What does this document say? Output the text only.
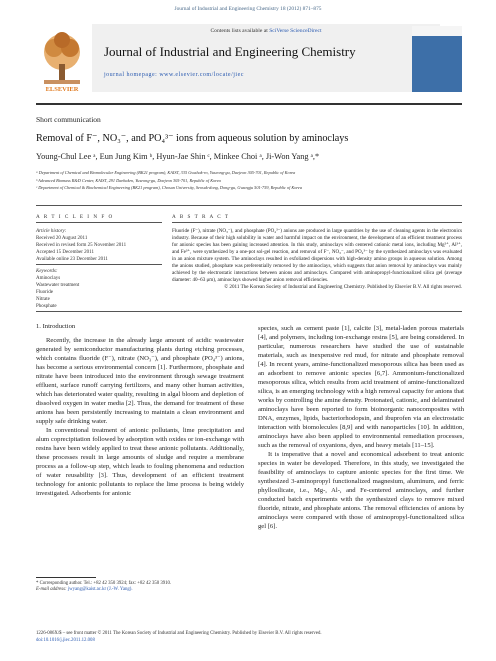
Journal of Industrial and Engineering Chemistry 18 (2012) 871–875
ELSEVIER
Contents lists available at SciVerse ScienceDirect
Journal of Industrial and Engineering Chemistry
journal homepage: www.elsevier.com/locate/jiec
Short communication
Removal of F⁻, NO₃⁻, and PO₄³⁻ ions from aqueous solution by aminoclays
Young-Chul Lee ᵃ, Eun Jung Kim ᵇ, Hyun-Jae Shin ᶜ, Minkee Choi ᵃ, Ji-Won Yang ᵃ,*
ᵃ Department of Chemical and Biomolecular Engineering (BK21 program), KAIST, 335 Gwahak-ro, Yuseong-gu, Daejeon 305-701, Republic of Korea
ᵇ Advanced Biomass R&D Center, KAIST, 291 Daehakro, Yuseong-gu, Daejeon 305-701, Republic of Korea
ᶜ Department of Chemical & Biochemical Engineering (BK21 program), Chosun University, Seosuk-dong, Dong-gu, Gwangju 501-759, Republic of Korea
A R T I C L E I N F O	A B S T R A C T
Article history:
Received 20 August 2011
Received in revised form 25 November 2011
Accepted 15 December 2011
Available online 23 December 2011
Keywords:
Aminoclays
Wastewater treatment
Fluoride
Nitrate
Phosphate
Fluoride (F⁻), nitrate (NO₃⁻), and phosphate (PO₄³⁻) anions are produced in large quantities by the use of cleaning agents in the electronics industry. Because of their high solubility in water and harmful impact on the environment, the development of an efficient treatment process for anionic species has been gaining increased attention. In this study, aminoclays with centered cationic metal ions, including Mg²⁺, Al³⁺, and Fe³⁺, were synthesized by a one-pot sol-gel reaction, and removal of F⁻, NO₃⁻, and PO₄³⁻ by the synthesized aminoclays was evaluated in an anion mixture system. The aminoclays resulted in exfoliated dispersions with high-density amino groups in aqueous solution. Among the anions studied, phosphate was preferentially removed by the aminoclays, which suggests that anion removal by aminoclays was mainly achieved by the electrostatic interactions between anions and aminoclays. Compared with aminopropyl-functionalized silica gel (average diameter: 40–63 μm), aminoclays showed higher anion removal efficiencies.
© 2011 The Korean Society of Industrial and Engineering Chemistry. Published by Elsevier B.V. All rights reserved.
1. Introduction

Recently, the increase in the already large amount of acidic wastewater generated by semiconductor manufacturing plants during etching processes, which contains fluoride (F⁻), nitrate (NO₃⁻), and phosphate (PO₄³⁻) anions, has become a serious environmental concern [1]. Furthermore, phosphate and nitrate have been introduced into the environment through sewage treatment effluent, surface runoff carrying fertilizers, and many other human activities, which has deteriorated water quality, resulting in algal bloom and depletion of dissolved oxygen in water media [2]. Thus, the demand for treatment of these anions has been persistently increasing to maintain a clean environment and supply safe drinking water.

In conventional treatment of anionic pollutants, lime precipitation and alum coprecipitation followed by adsorption with oxides or ion-exchange with resins have been widely applied to treat these anionic pollutants. Additionally, these processes result in large amounts of sludge and require a membrane process as a follow-up step, which leads to fouling phenomena and reduction of water reusability [3]. Thus, development of an efficient treatment technology for anionic pollutants to replace the lime process is being widely investigated. Adsorbents for anionic

species, such as cement paste [1], calcite [3], metal-laden porous materials [4], and polymers, including ion-exchange resins [5], are being considered. In particular, numerous researchers have studied the use of sustainable materials, such as inexpensive red mud, for nitrate and phosphate removal [4]. In recent years, amine-functionalized mesoporous silica has been used as an adsorbent to remove anionic species [6,7]. Ammonium-functionalized mesoporous silica, which results from acid treatment of amine-functionalized silica, is an emerging technology with a high removal capacity for anions that works by controlling the amine density. Protonated, cationic, and delaminated aminoclays have been reported to form bioinorganic nanocomposites with DNA, enzymes, lipids, bacteriorhodopsin, and ibuprofen via an electrostatic interaction with biomolecules [8,9] and with nanoparticles [10]. In addition, aminoclays have also been applied to environmental remediation processes, such as the removal of oxyanions, dyes, and heavy metals [11–15].

It is imperative that a novel and economical adsorbent to treat anionic species in water be developed. Therefore, in this study, we investigated the feasibility of aminoclays to capture anionic species for the first time. We synthesized 3-aminopropyl functionalized magnesium, aluminum, and ferric phyllosilicate, i.e., Mg-, Al-, and Fe-centered aminoclays, and further conducted batch experiments with the synthesized clays to remove mixed fluoride, nitrate, and phosphate anions. The removal efficiencies of anions by aminoclays were compared with those of aminopropyl-functionalized silica gel [6].

* Corresponding author. Tel.: +82 42 350 3924; fax: +82 42 350 3910.
E-mail address: jwyang@kaist.ac.kr (J.-W. Yang).
1226-086X/$ – see front matter © 2011 The Korean Society of Industrial and Engineering Chemistry. Published by Elsevier B.V. All rights reserved.
doi:10.1016/j.jiec.2011.12.008
